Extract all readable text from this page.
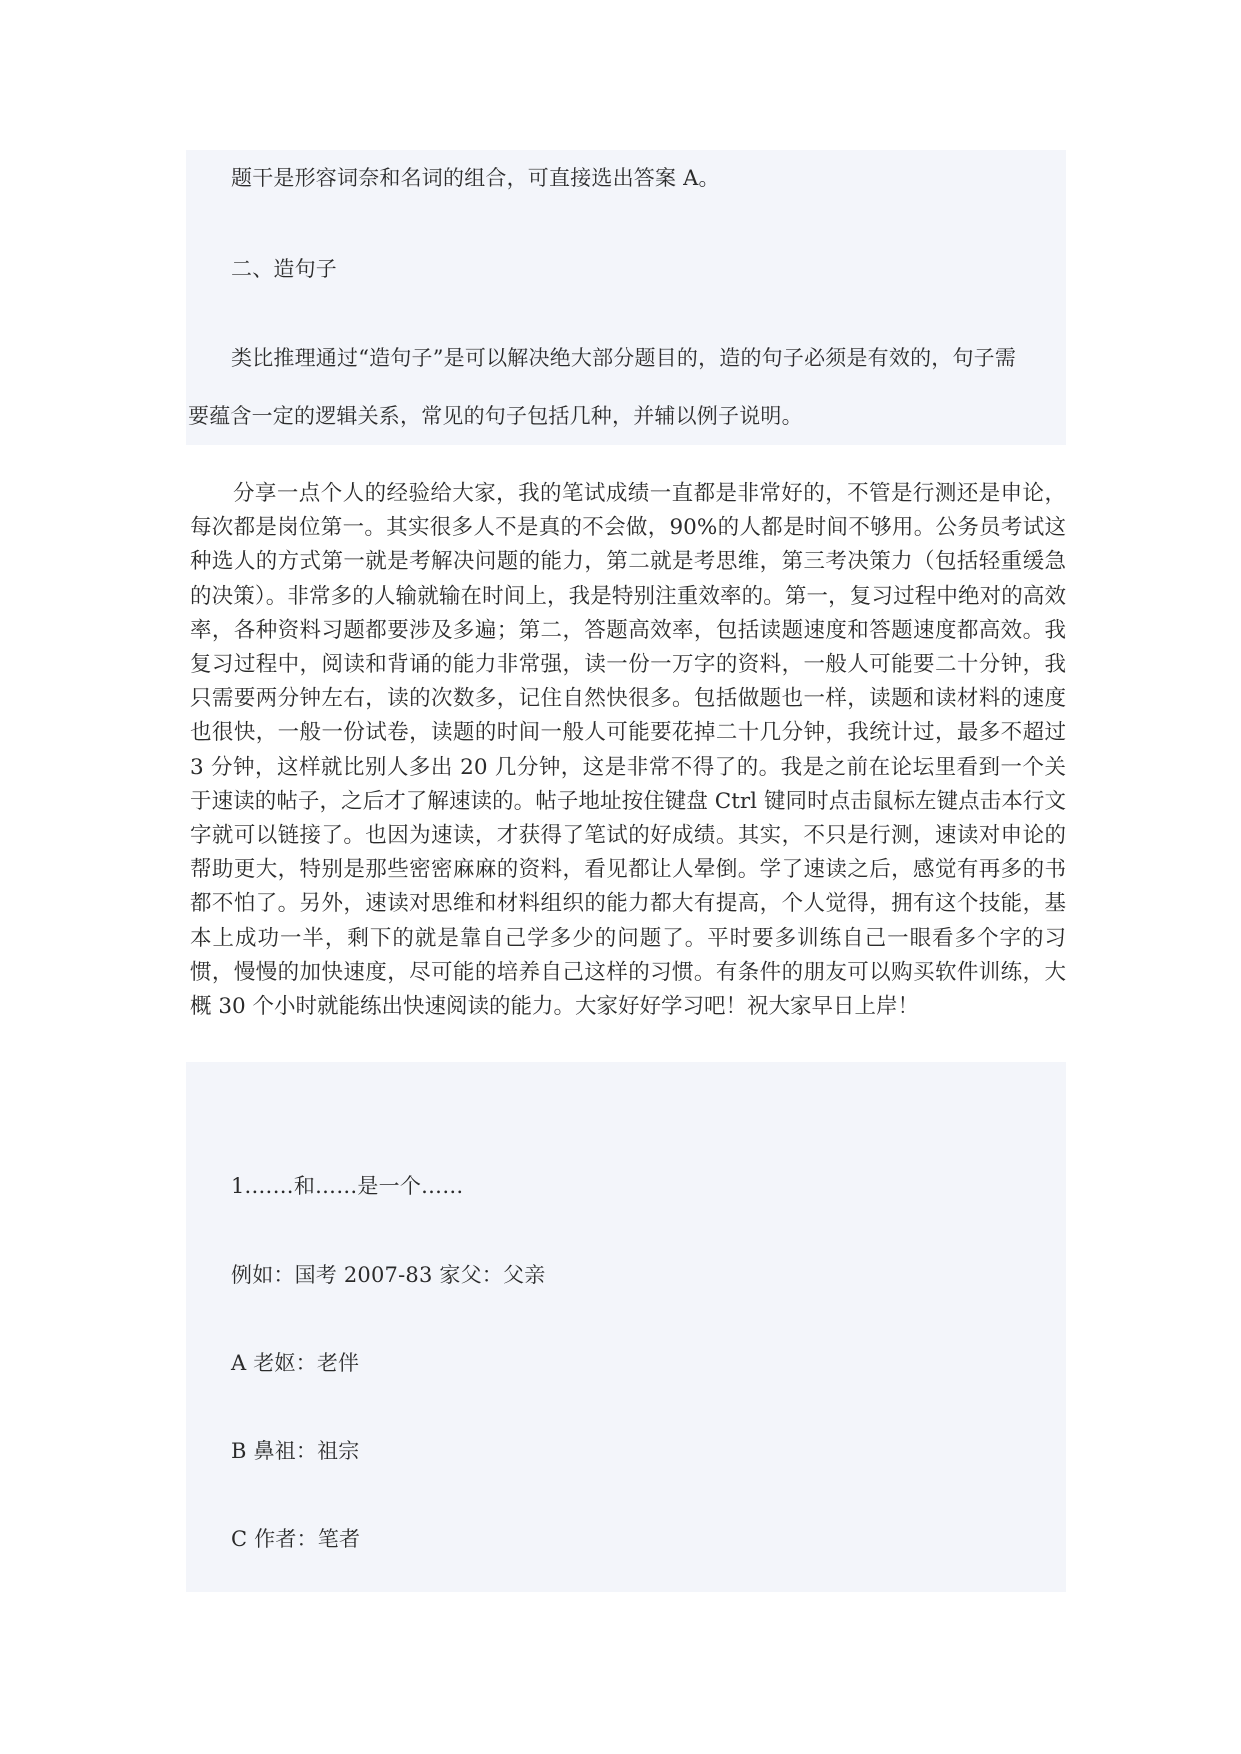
题干是形容词奈和名词的组合，可直接选出答案 A。
二、造句子
类比推理通过“造句子”是可以解决绝大部分题目的，造的句子必须是有效的，句子需
要蕴含一定的逻辑关系，常见的句子包括几种，并辅以例子说明。

分享一点个人的经验给大家，我的笔试成绩一直都是非常好的，不管是行测还是申论，每次都是岗位第一。其实很多人不是真的不会做，90%的人都是时间不够用。公务员考试这种选人的方式第一就是考解决问题的能力，第二就是考思维，第三考决策力（包括轻重缓急的决策）。非常多的人输就输在时间上，我是特别注重效率的。第一，复习过程中绝对的高效率，各种资料习题都要涉及多遍；第二，答题高效率，包括读题速度和答题速度都高效。我复习过程中，阅读和背诵的能力非常强，读一份一万字的资料，一般人可能要二十分钟，我只需要两分钟左右，读的次数多，记住自然快很多。包括做题也一样，读题和读材料的速度也很快，一般一份试卷，读题的时间一般人可能要花掉二十几分钟，我统计过，最多不超过 3 分钟，这样就比别人多出 20 几分钟，这是非常不得了的。我是之前在论坛里看到一个关于速读的帖子，之后才了解速读的。帖子地址按住键盘 Ctrl 键同时点击鼠标左键点击本行文字就可以链接了。也因为速读，才获得了笔试的好成绩。其实，不只是行测，速读对申论的帮助更大，特别是那些密密麻麻的资料，看见都让人晕倒。学了速读之后，感觉有再多的书都不怕了。另外，速读对思维和材料组织的能力都大有提高，个人觉得，拥有这个技能，基本上成功一半，剩下的就是靠自己学多少的问题了。平时要多训练自己一眼看多个字的习惯，慢慢的加快速度，尽可能的培养自己这样的习惯。有条件的朋友可以购买软件训练，大概 30 个小时就能练出快速阅读的能力。大家好好学习吧！祝大家早日上岸！

1.……和……是一个……
例如：国考 2007-83 家父：父亲
A 老妪：老伴
B 鼻祖：祖宗
C 作者：笔者
